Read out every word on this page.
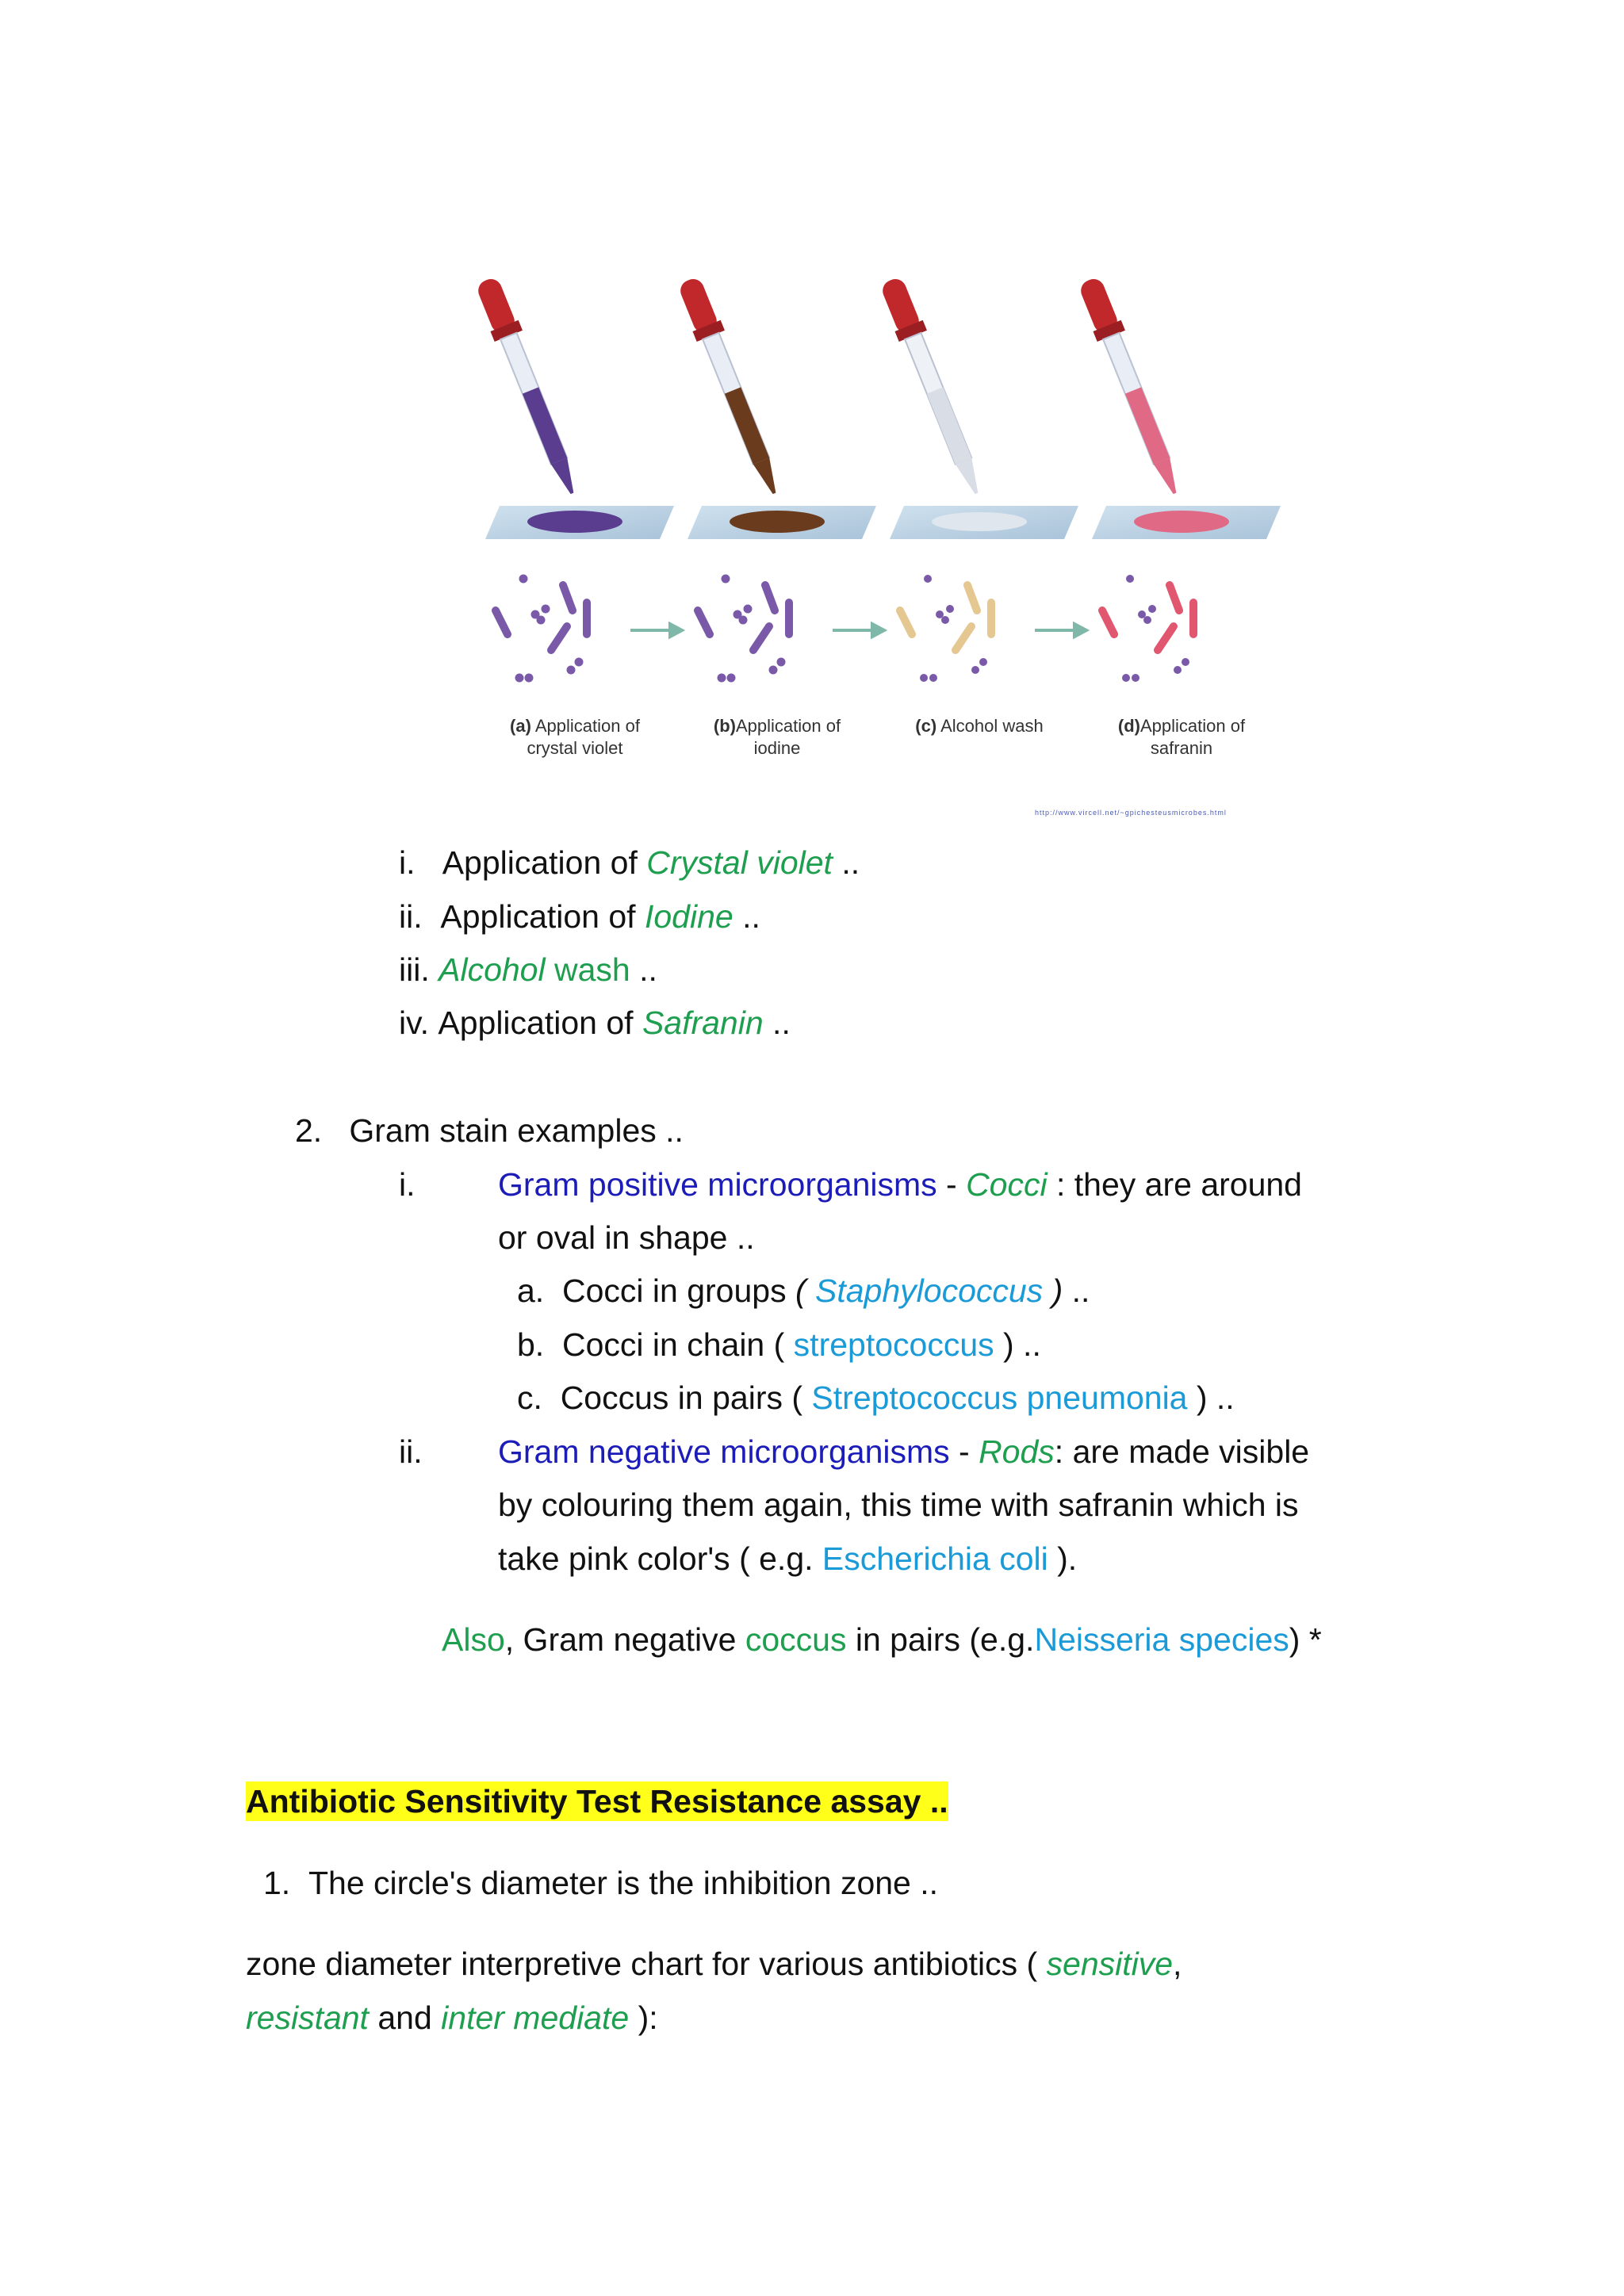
(a) Application of
crystal violet
(b)Application of
iodine
(c) Alcohol wash	(d)Application of
safranin
http://www.vircell.net/~gpichesteusmicrobes.html
i. Application of Crystal violet ..
ii. Application of Iodine ..
iii. Alcohol wash ..
iv. Application of Safranin ..
2. Gram stain examples ..
i.	Gram positive microorganisms - Cocci : they are around
or oval in shape ..
a. Cocci in groups ( Staphylococcus ) ..
b. Cocci in chain ( streptococcus ) ..
c. Coccus in pairs ( Streptococcus pneumonia ) ..
ii. Gram negative microorganisms - Rods: are made visible
by colouring them again, this time with safranin which is
take pink color's ( e.g. Escherichia coli ).
Also, Gram negative coccus in pairs (e.g.Neisseria species) *
Antibiotic Sensitivity Test Resistance assay ..
1. The circle's diameter is the inhibition zone ..
zone diameter interpretive chart for various antibiotics ( sensitive,
resistant and inter mediate ):
